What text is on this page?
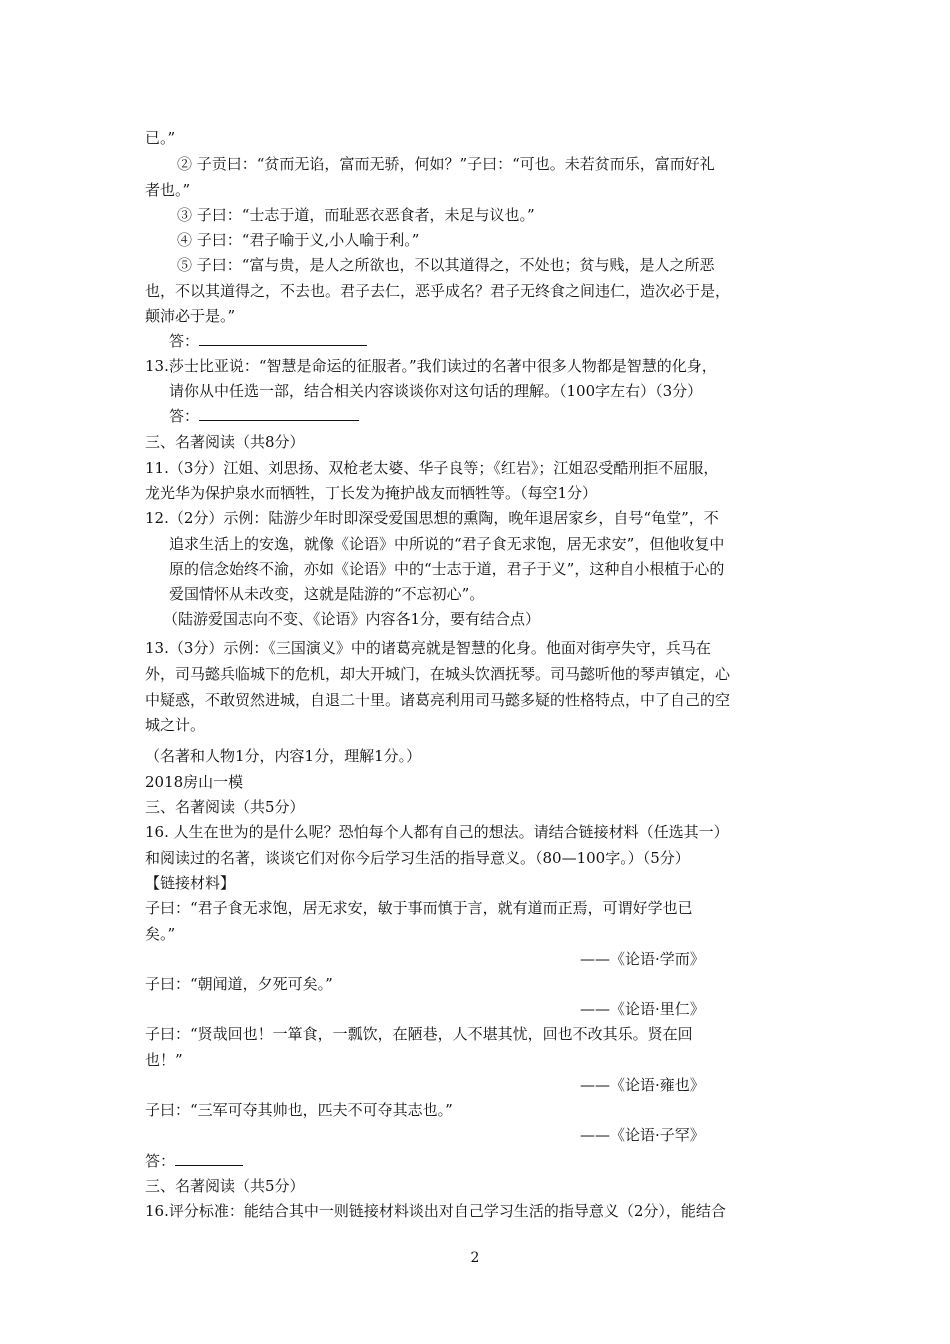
已。”
② 子贡曰：“贫而无谄，富而无骄，何如？”子曰：“可也。未若贫而乐，富而好礼
者也。”
③ 子曰：“士志于道，而耻恶衣恶食者，未足与议也。”
④ 子曰：“君子喻于义,小人喻于利。”
⑤ 子曰：“富与贵，是人之所欲也，不以其道得之，不处也；贫与贱，是人之所恶
也，不以其道得之，不去也。君子去仁，恶乎成名？君子无终食之间违仁，造次必于是，
颠沛必于是。”
13.莎士比亚说：“智慧是命运的征服者。”我们读过的名著中很多人物都是智慧的化身，
请你从中任选一部，结合相关内容谈谈你对这句话的理解。（100字左右）（3分）
三、名著阅读（共8分）
11.（3分）江姐、刘思扬、双枪老太婆、华子良等；《红岩》；江姐忍受酷刑拒不屈服，
龙光华为保护泉水而牺牲，丁长发为掩护战友而牺牲等。（每空1分）
12.（2分）示例：陆游少年时即深受爱国思想的熏陶，晚年退居家乡，自号“龟堂”，不
追求生活上的安逸，就像《论语》中所说的“君子食无求饱，居无求安”，但他收复中
原的信念始终不渝，亦如《论语》中的“士志于道，君子于义”，这种自小根植于心的
爱国情怀从未改变，这就是陆游的“不忘初心”。
（陆游爱国志向不变、《论语》内容各1分，要有结合点）
13.（3分）示例：《三国演义》中的诸葛亮就是智慧的化身。他面对街亭失守，兵马在
外，司马懿兵临城下的危机，却大开城门，在城头饮酒抚琴。司马懿听他的琴声镇定，心
中疑惑，不敢贸然进城，自退二十里。诸葛亮利用司马懿多疑的性格特点，中了自己的空
城之计。
（名著和人物1分，内容1分，理解1分。）
2018房山一模
三、名著阅读（共5分）
16. 人生在世为的是什么呢？恐怕每个人都有自己的想法。请结合链接材料（任选其一）
和阅读过的名著，谈谈它们对你今后学习生活的指导意义。（80—100字。）（5分）
【链接材料】
子曰：“君子食无求饱，居无求安，敏于事而慎于言，就有道而正焉，可谓好学也已
矣。”
——《论语·学而》
子曰：“朝闻道，夕死可矣。”
——《论语·里仁》
子曰：“贤哉回也！一箪食，一瓢饮，在陋巷，人不堪其忧，回也不改其乐。贤在回
也！”
——《论语·雍也》
子曰：“三军可夺其帅也，匹夫不可夺其志也。”
——《论语·子罕》
三、名著阅读（共5分）
16.评分标准：能结合其中一则链接材料谈出对自己学习生活的指导意义（2分），能结合
答：
答：
答：
2
